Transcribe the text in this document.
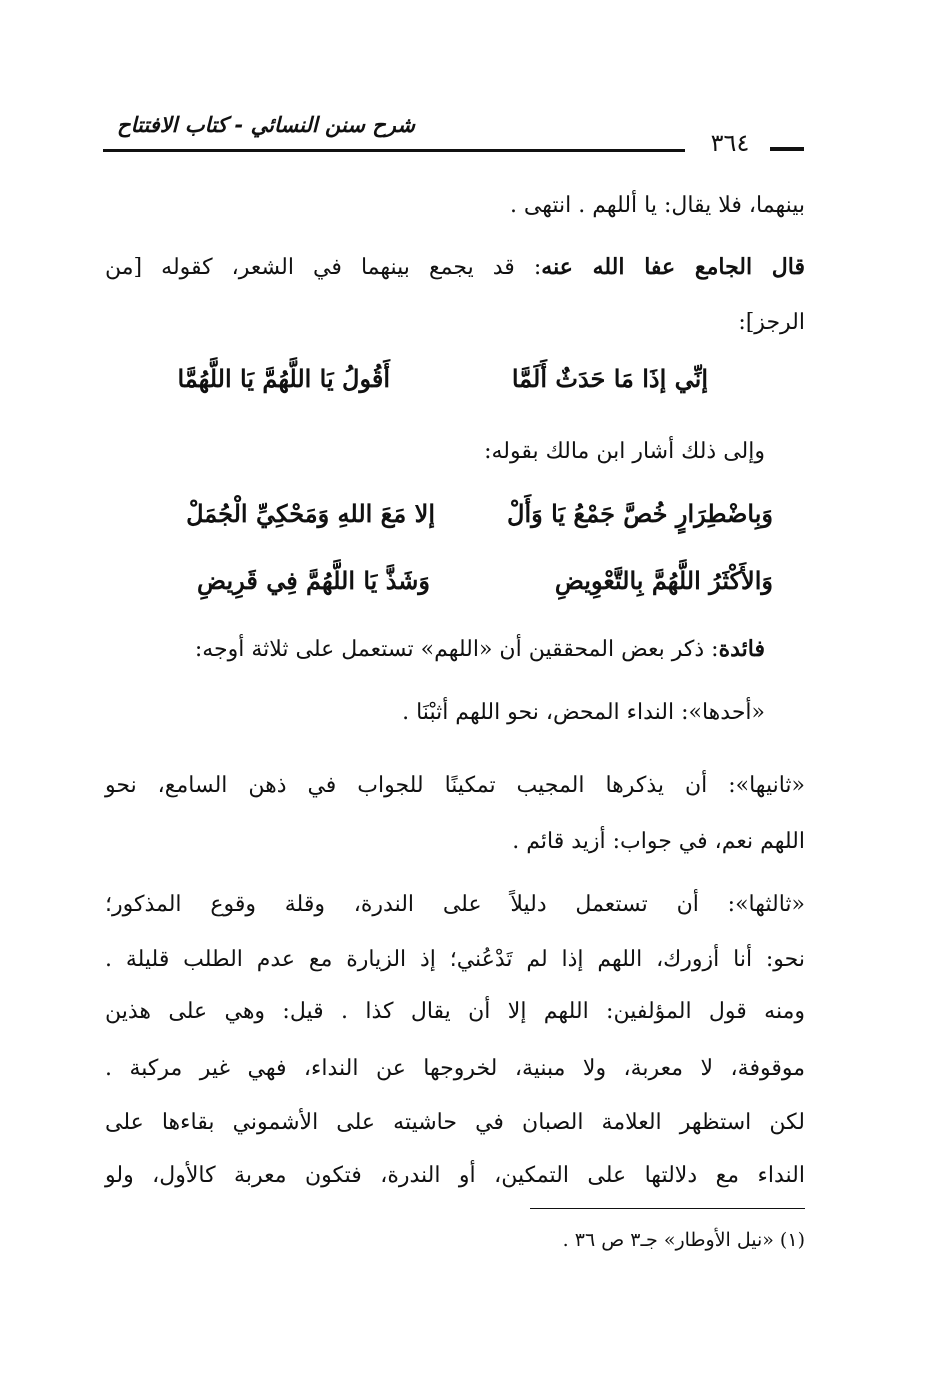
شرح سنن النسائي - كتاب الافتتاح
٣٦٤
بينهما، فلا يقال: يا أللهم . انتهى .
قال الجامع عفا الله عنه: قد يجمع بينهما في الشعر، كقوله [من
الرجز]:
إنِّي إذَا مَا حَدَثٌ أَلَمَّا
أَقُولُ يَا اللَّهُمَّ يَا اللَّهُمَّا
وإلى ذلك أشار ابن مالك بقوله:
وَبِاضْطِرَارٍ خُصَّ جَمْعُ يَا وَأَلْ
إلا مَعَ اللهِ وَمَحْكِيِّ الْجُمَلْ
وَالأَكْثَرُ اللَّهُمَّ بِالتَّعْوِيضِ
وَشَذَّ يَا اللَّهُمَّ فِي قَرِيضِ
فائدة: ذكر بعض المحققين أن «اللهم» تستعمل على ثلاثة أوجه:
«أحدها»: النداء المحض، نحو اللهم أثبْنَا .
«ثانيها»: أن يذكرها المجيب تمكينًا للجواب في ذهن السامع، نحو
اللهم نعم، في جواب: أزيد قائم .
«ثالثها»: أن تستعمل دليلاً على الندرة، وقلة وقوع المذكور؛
نحو: أنا أزورك، اللهم إذا لم تَدْعُني؛ إذ الزيارة مع عدم الطلب قليلة .
ومنه قول المؤلفين: اللهم إلا أن يقال كذا . قيل: وهي على هذين
موقوفة، لا معربة، ولا مبنية، لخروجها عن النداء، فهي غير مركبة .
لكن استظهر العلامة الصبان في حاشيته على الأشموني بقاءها على
النداء مع دلالتها على التمكين، أو الندرة، فتكون معربة كالأول، ولو
(١) «نيل الأوطار» جـ٣ ص ٣٦ .
